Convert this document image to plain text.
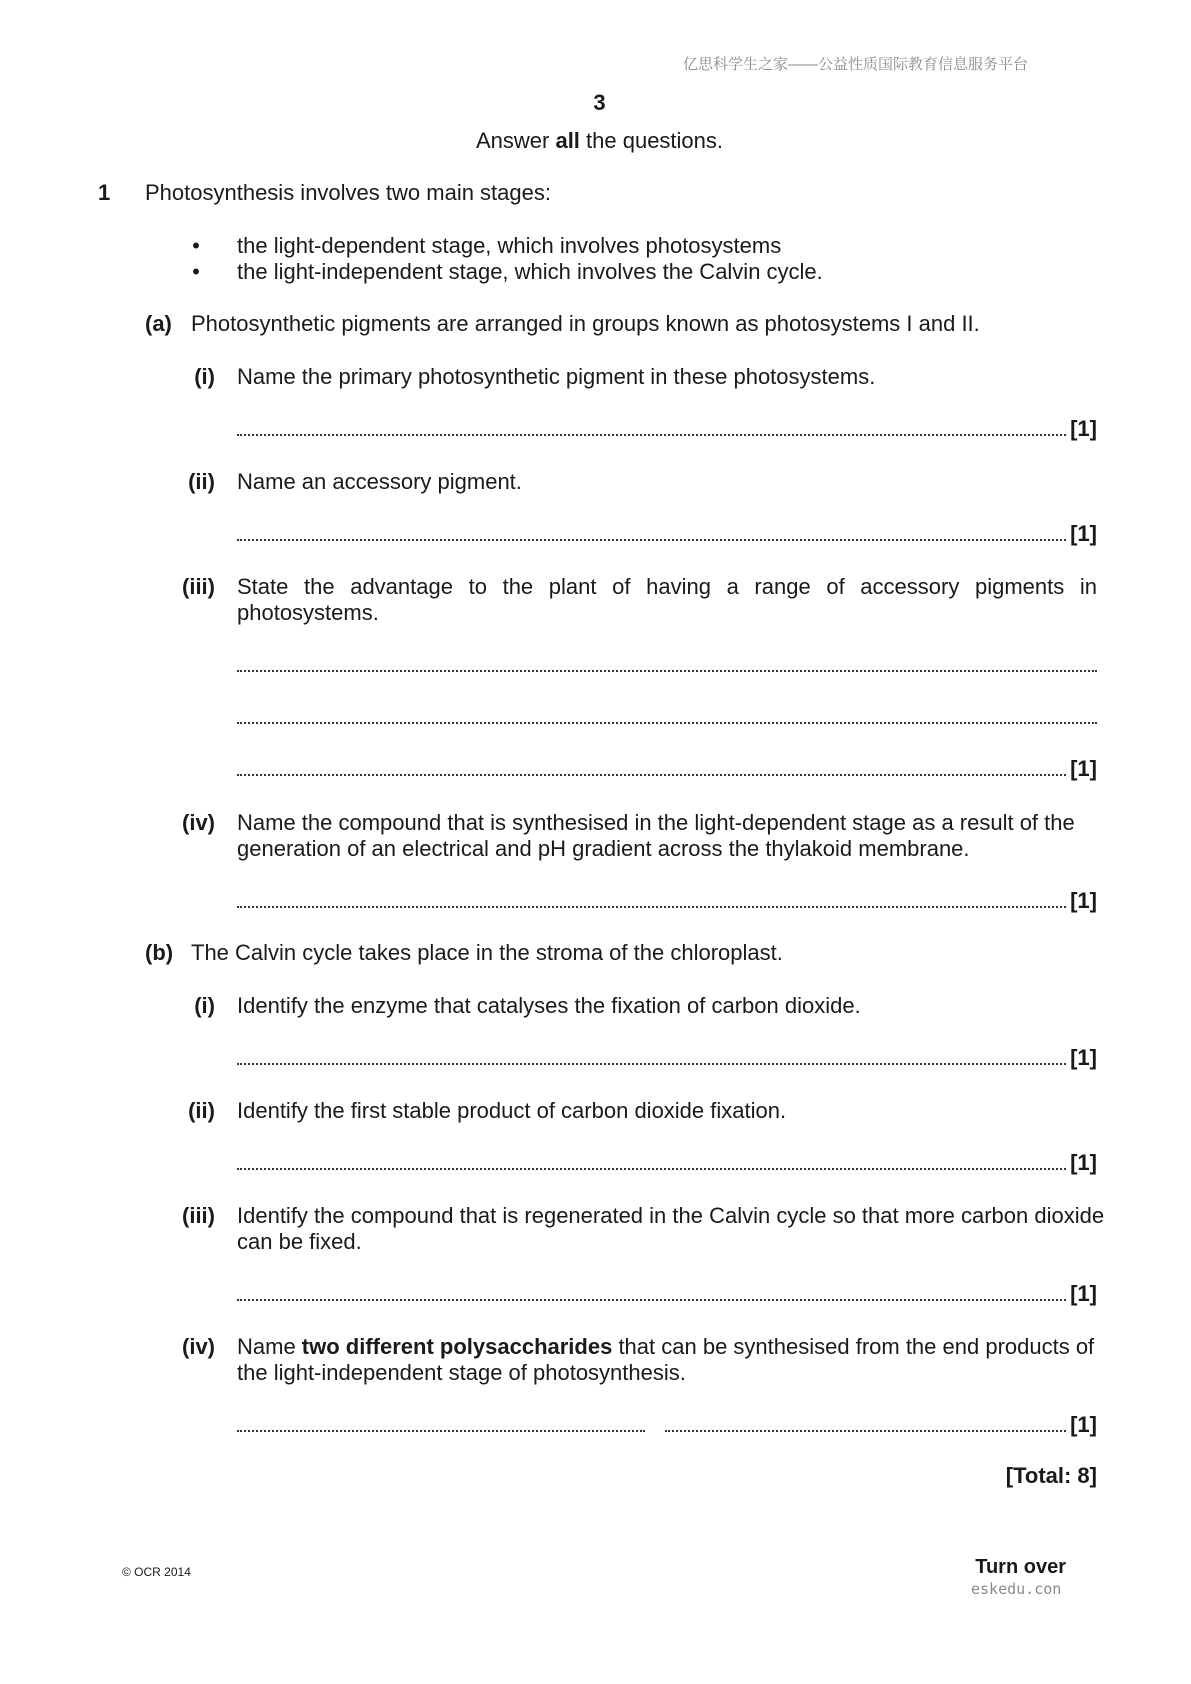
亿思科学生之家——公益性质国际教育信息服务平台
3
Answer all the questions.
1 Photosynthesis involves two main stages:
• the light-dependent stage, which involves photosystems
• the light-independent stage, which involves the Calvin cycle.
(a) Photosynthetic pigments are arranged in groups known as photosystems I and II.
(i) Name the primary photosynthetic pigment in these photosystems.
[1]
(ii) Name an accessory pigment.
[1]
(iii) State the advantage to the plant of having a range of accessory pigments in
photosystems.
[1]
(iv) Name the compound that is synthesised in the light-dependent stage as a result of the
generation of an electrical and pH gradient across the thylakoid membrane.
[1]
(b) The Calvin cycle takes place in the stroma of the chloroplast.
(i) Identify the enzyme that catalyses the fixation of carbon dioxide.
[1]
(ii) Identify the first stable product of carbon dioxide fixation.
[1]
(iii) Identify the compound that is regenerated in the Calvin cycle so that more carbon dioxide
can be fixed.
[1]
(iv) Name two different polysaccharides that can be synthesised from the end products of
the light-independent stage of photosynthesis.
[1]
[Total: 8]
© OCR 2014	Turn over
eskedu.con
